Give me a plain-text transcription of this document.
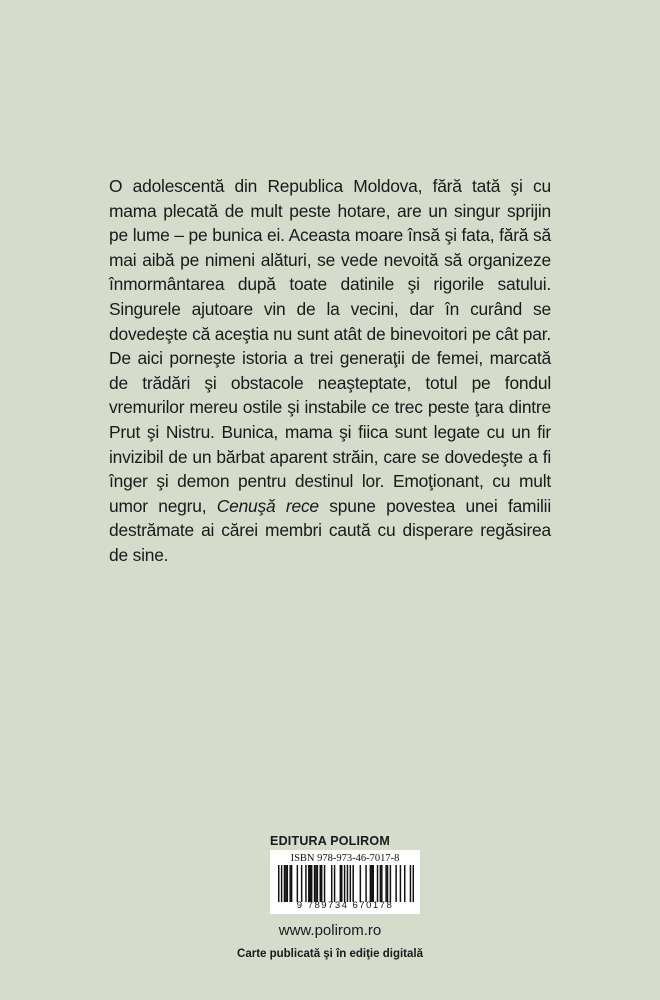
O adolescentă din Republica Moldova, fără tată şi cu mama plecată de mult peste hotare, are un singur sprijin pe lume – pe bunica ei. Aceasta moare însă şi fata, fără să mai aibă pe nimeni alături, se vede nevoită să organizeze înmormântarea după toate datinile şi rigorile satului. Singurele ajutoare vin de la vecini, dar în curând se dovedeşte că aceştia nu sunt atât de binevoitori pe cât par. De aici porneşte istoria a trei generaţii de femei, marcată de trădări şi obstacole neaşteptate, totul pe fondul vremurilor mereu ostile şi instabile ce trec peste ţara dintre Prut şi Nistru. Bunica, mama şi fiica sunt legate cu un fir invizibil de un bărbat aparent străin, care se dovedeşte a fi înger şi demon pentru destinul lor. Emoţionant, cu mult umor negru, Cenuşă rece spune povestea unei familii destrămate ai cărei membri caută cu disperare regăsirea de sine.

EDITURA POLIROM
ISBN 978-973-46-7017-8
9 789734 670178
www.polirom.ro
Carte publicată şi în ediţie digitală
